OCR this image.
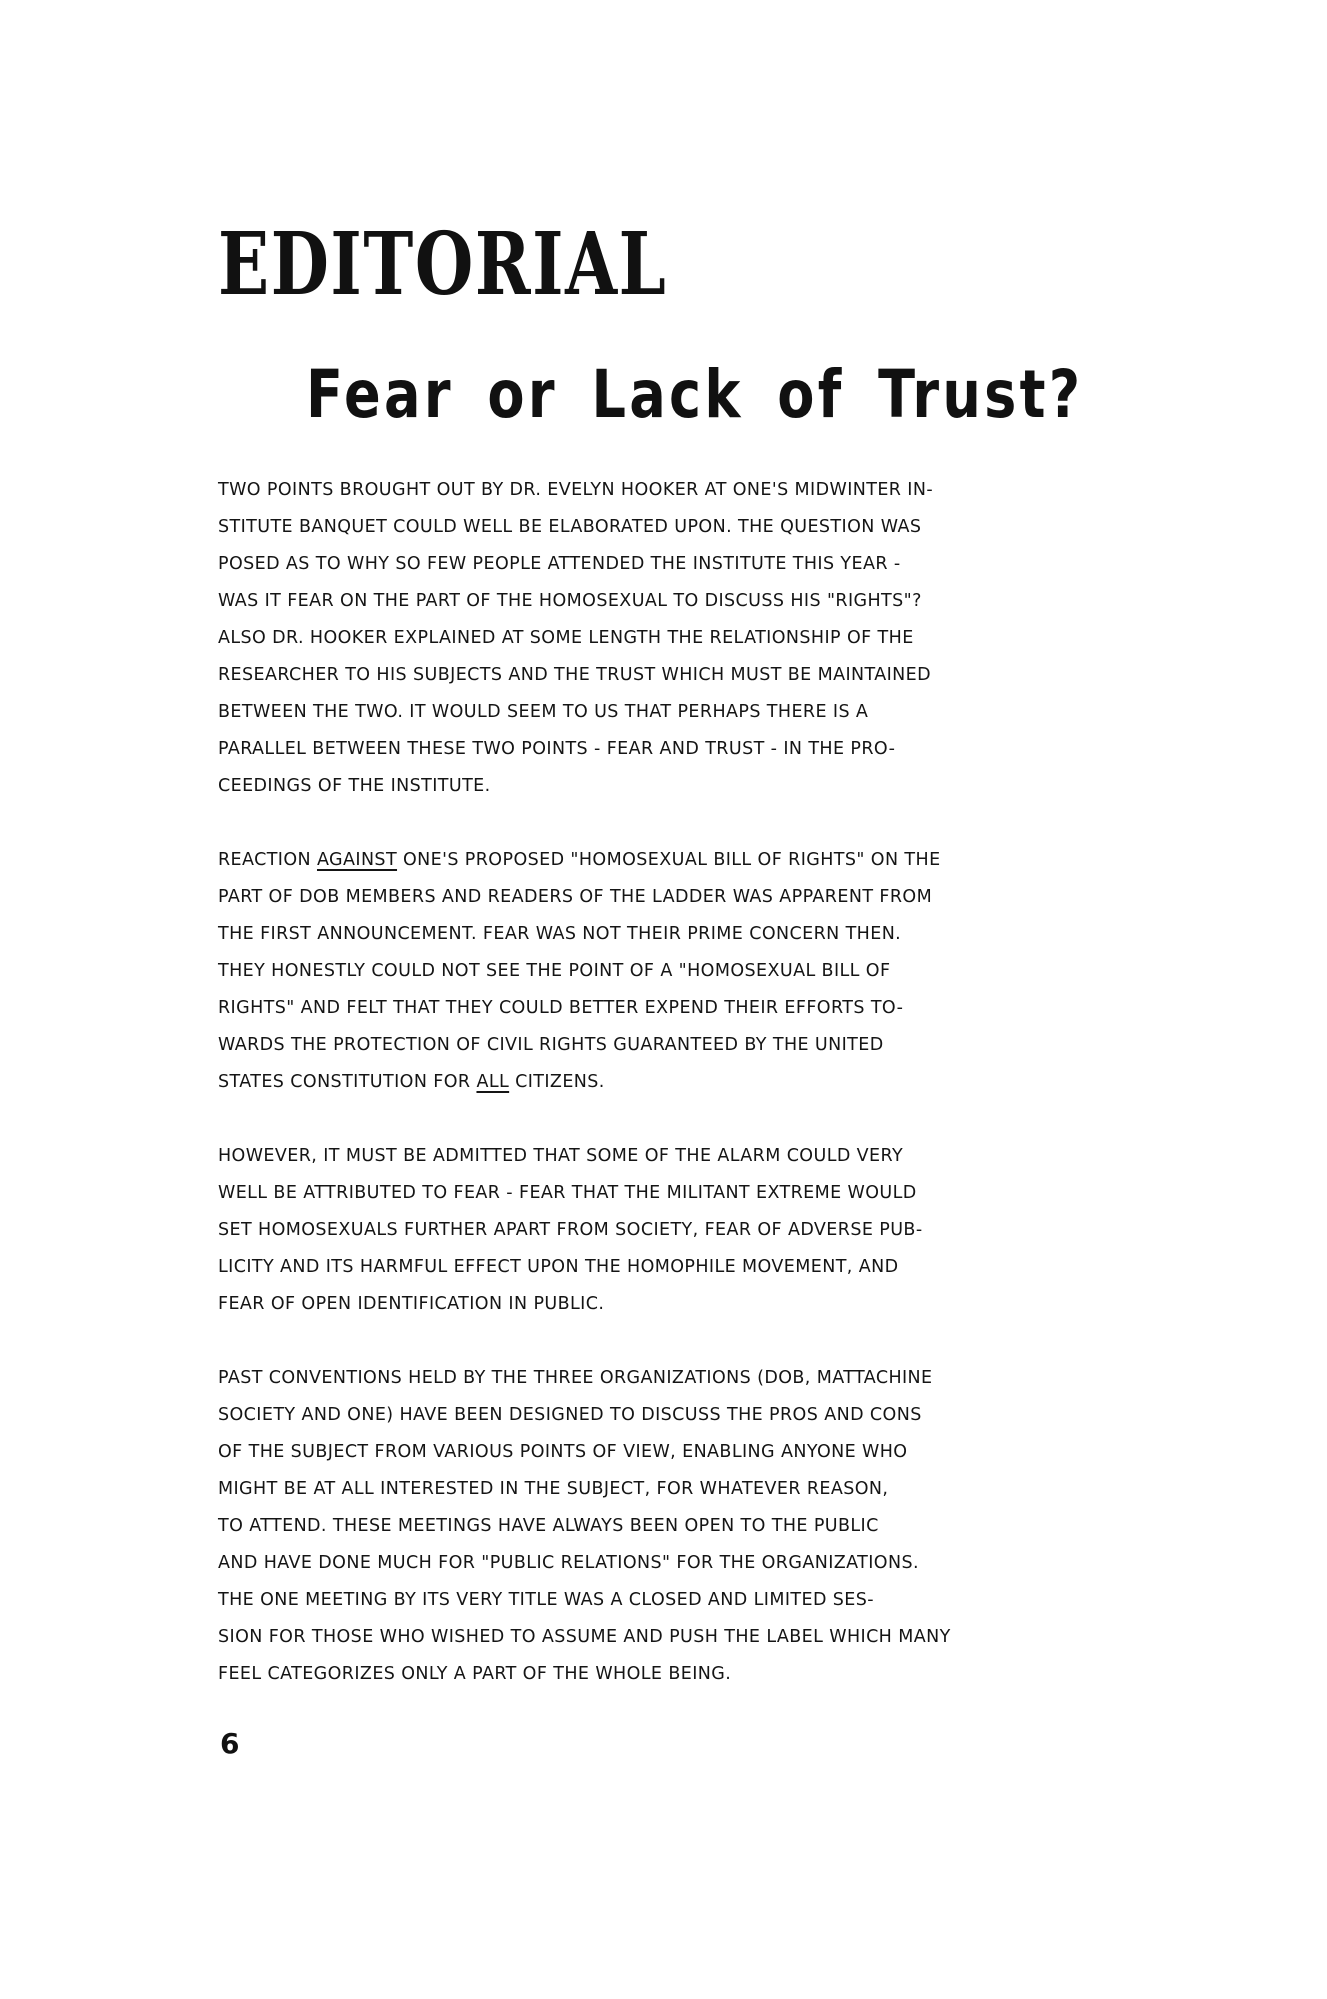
EDITORIAL
Fear or Lack of Trust?
TWO POINTS BROUGHT OUT BY DR. EVELYN HOOKER AT ONE'S MIDWINTER IN-
STITUTE BANQUET COULD WELL BE ELABORATED UPON. THE QUESTION WAS
POSED AS TO WHY SO FEW PEOPLE ATTENDED THE INSTITUTE THIS YEAR -
WAS IT FEAR ON THE PART OF THE HOMOSEXUAL TO DISCUSS HIS "RIGHTS"?
ALSO DR. HOOKER EXPLAINED AT SOME LENGTH THE RELATIONSHIP OF THE
RESEARCHER TO HIS SUBJECTS AND THE TRUST WHICH MUST BE MAINTAINED
BETWEEN THE TWO. IT WOULD SEEM TO US THAT PERHAPS THERE IS A
PARALLEL BETWEEN THESE TWO POINTS - FEAR AND TRUST - IN THE PRO-
CEEDINGS OF THE INSTITUTE.
REACTION AGAINST ONE'S PROPOSED "HOMOSEXUAL BILL OF RIGHTS" ON THE
PART OF DOB MEMBERS AND READERS OF THE LADDER WAS APPARENT FROM
THE FIRST ANNOUNCEMENT. FEAR WAS NOT THEIR PRIME CONCERN THEN.
THEY HONESTLY COULD NOT SEE THE POINT OF A "HOMOSEXUAL BILL OF
RIGHTS" AND FELT THAT THEY COULD BETTER EXPEND THEIR EFFORTS TO-
WARDS THE PROTECTION OF CIVIL RIGHTS GUARANTEED BY THE UNITED
STATES CONSTITUTION FOR ALL CITIZENS.
HOWEVER, IT MUST BE ADMITTED THAT SOME OF THE ALARM COULD VERY
WELL BE ATTRIBUTED TO FEAR - FEAR THAT THE MILITANT EXTREME WOULD
SET HOMOSEXUALS FURTHER APART FROM SOCIETY, FEAR OF ADVERSE PUB-
LICITY AND ITS HARMFUL EFFECT UPON THE HOMOPHILE MOVEMENT, AND
FEAR OF OPEN IDENTIFICATION IN PUBLIC.
PAST CONVENTIONS HELD BY THE THREE ORGANIZATIONS (DOB, MATTACHINE
SOCIETY AND ONE) HAVE BEEN DESIGNED TO DISCUSS THE PROS AND CONS
OF THE SUBJECT FROM VARIOUS POINTS OF VIEW, ENABLING ANYONE WHO
MIGHT BE AT ALL INTERESTED IN THE SUBJECT, FOR WHATEVER REASON,
TO ATTEND. THESE MEETINGS HAVE ALWAYS BEEN OPEN TO THE PUBLIC
AND HAVE DONE MUCH FOR "PUBLIC RELATIONS" FOR THE ORGANIZATIONS.
THE ONE MEETING BY ITS VERY TITLE WAS A CLOSED AND LIMITED SES-
SION FOR THOSE WHO WISHED TO ASSUME AND PUSH THE LABEL WHICH MANY
FEEL CATEGORIZES ONLY A PART OF THE WHOLE BEING.
6
